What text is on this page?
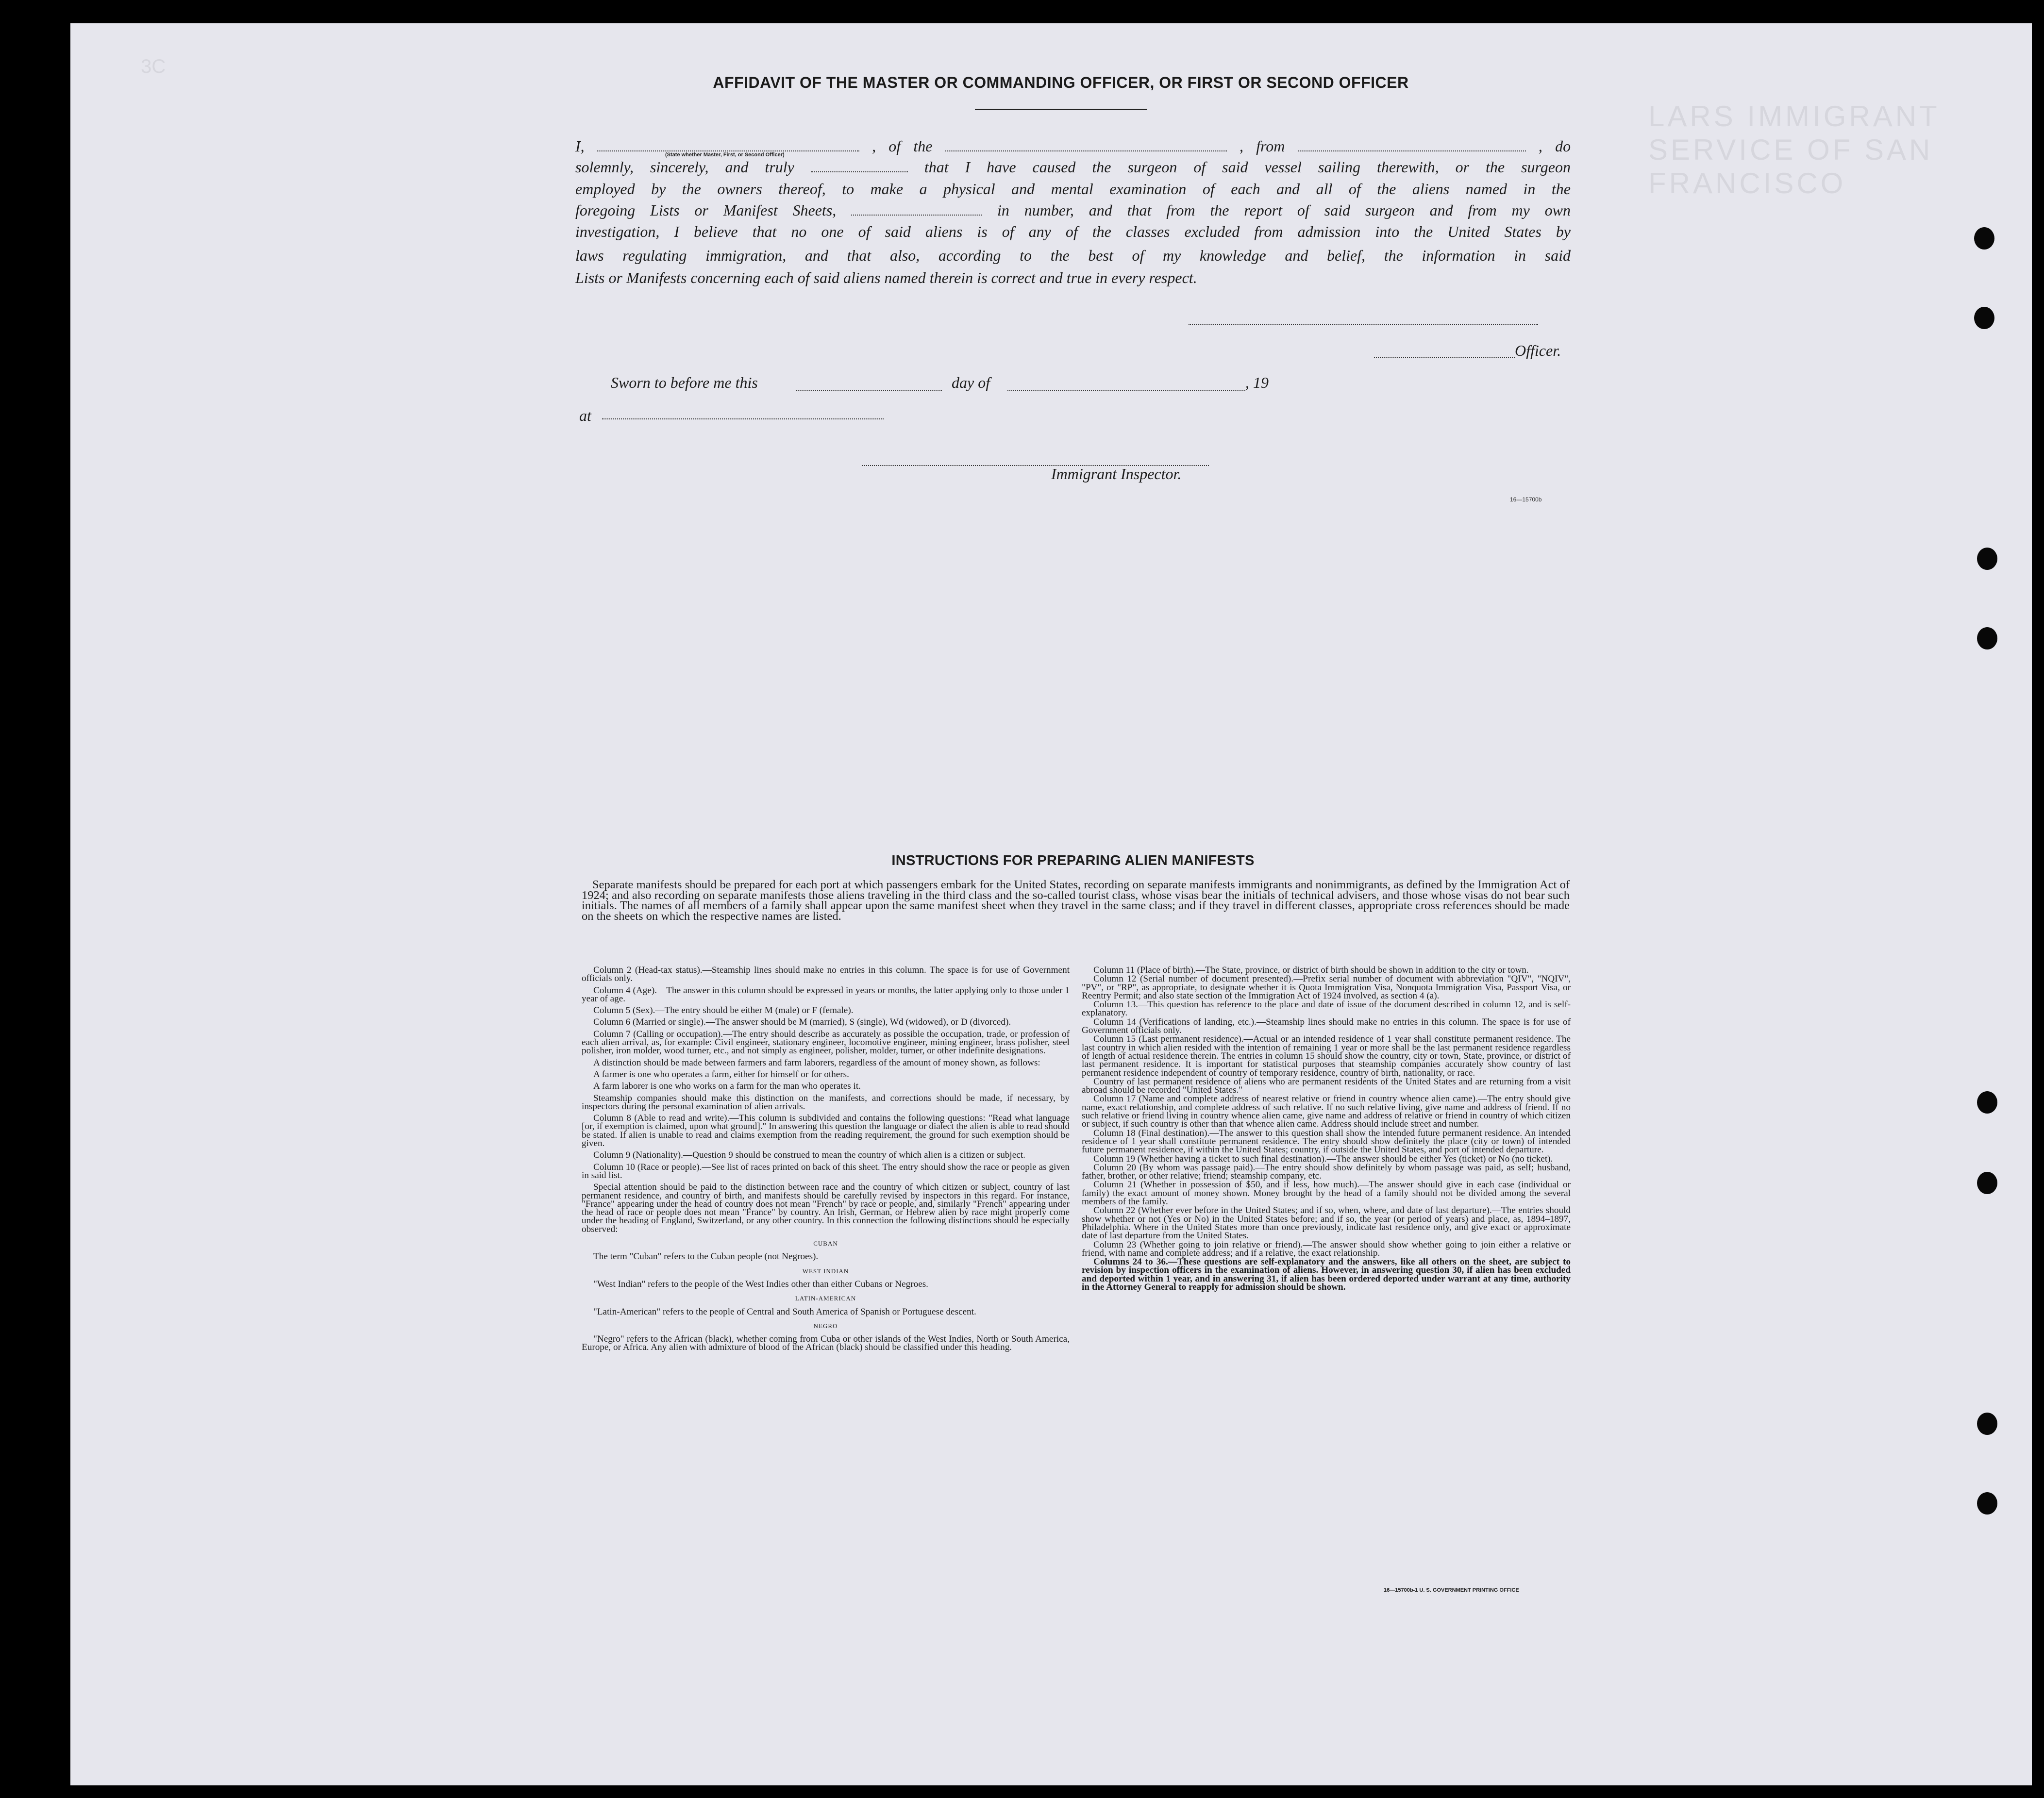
3C
LARS IMMIGRANT SERVICE OF SAN FRANCISCO
AFFIDAVIT OF THE MASTER OR COMMANDING OFFICER, OR FIRST OR SECOND OFFICER
I,	, of the	, from	, do
(State whether Master, First, or Second Officer)
solemnly, sincerely, and truly	that I have caused the surgeon of said vessel sailing therewith, or the surgeon
employed by the owners thereof, to make a physical and mental examination of each and all of the aliens named in the
foregoing Lists or Manifest Sheets,	in number, and that from the report of said surgeon and from my own
investigation, I believe that no one of said aliens is of any of the classes excluded from admission into the United States by
laws regulating immigration, and that also, according to the best of my knowledge and belief, the information in said
Lists or Manifests concerning each of said aliens named therein is correct and true in every respect.
Officer.
Sworn to before me this	day of	, 19
at
Immigrant Inspector.
16—15700b
INSTRUCTIONS FOR PREPARING ALIEN MANIFESTS
Separate manifests should be prepared for each port at which passengers embark for the United States, recording on separate manifests immigrants and nonimmigrants, as defined by the Immigration Act of 1924; and also recording on separate manifests those aliens traveling in the third class and the so-called tourist class, whose visas bear the initials of technical advisers, and those whose visas do not bear such initials. The names of all members of a family shall appear upon the same manifest sheet when they travel in the same class; and if they travel in different classes, appropriate cross references should be made on the sheets on which the respective names are listed.

Column 2 (Head-tax status).—Steamship lines should make no entries in this column. The space is for use of Government officials only.

Column 4 (Age).—The answer in this column should be expressed in years or months, the latter applying only to those under 1 year of age.

Column 5 (Sex).—The entry should be either M (male) or F (female).

Column 6 (Married or single).—The answer should be M (married), S (single), Wd (widowed), or D (divorced).

Column 7 (Calling or occupation).—The entry should describe as accurately as possible the occupation, trade, or profession of each alien arrival, as, for example: Civil engineer, stationary engineer, locomotive engineer, mining engineer, brass polisher, steel polisher, iron molder, wood turner, etc., and not simply as engineer, polisher, molder, turner, or other indefinite designations.

A distinction should be made between farmers and farm laborers, regardless of the amount of money shown, as follows:

A farmer is one who operates a farm, either for himself or for others.

A farm laborer is one who works on a farm for the man who operates it.

Steamship companies should make this distinction on the manifests, and corrections should be made, if necessary, by inspectors during the personal examination of alien arrivals.

Column 8 (Able to read and write).—This column is subdivided and contains the following questions: "Read what language [or, if exemption is claimed, upon what ground]." In answering this question the language or dialect the alien is able to read should be stated. If alien is unable to read and claims exemption from the reading requirement, the ground for such exemption should be given.

Column 9 (Nationality).—Question 9 should be construed to mean the country of which alien is a citizen or subject.

Column 10 (Race or people).—See list of races printed on back of this sheet. The entry should show the race or people as given in said list.

Special attention should be paid to the distinction between race and the country of which citizen or subject, country of last permanent residence, and country of birth, and manifests should be carefully revised by inspectors in this regard. For instance, "France" appearing under the head of country does not mean "French" by race or people, and, similarly "French" appearing under the head of race or people does not mean "France" by country. An Irish, German, or Hebrew alien by race might properly come under the heading of England, Switzerland, or any other country. In this connection the following distinctions should be especially observed:

CUBAN

The term "Cuban" refers to the Cuban people (not Negroes).

WEST INDIAN

"West Indian" refers to the people of the West Indies other than either Cubans or Negroes.

LATIN-AMERICAN

"Latin-American" refers to the people of Central and South America of Spanish or Portuguese descent.

NEGRO

"Negro" refers to the African (black), whether coming from Cuba or other islands of the West Indies, North or South America, Europe, or Africa. Any alien with admixture of blood of the African (black) should be classified under this heading.

Column 11 (Place of birth).—The State, province, or district of birth should be shown in addition to the city or town.

Column 12 (Serial number of document presented).—Prefix serial number of document with abbreviation "QIV", "NQIV", "PV", or "RP", as appropriate, to designate whether it is Quota Immigration Visa, Nonquota Immigration Visa, Passport Visa, or Reentry Permit; and also state section of the Immigration Act of 1924 involved, as section 4 (a).

Column 13.—This question has reference to the place and date of issue of the document described in column 12, and is self-explanatory.

Column 14 (Verifications of landing, etc.).—Steamship lines should make no entries in this column. The space is for use of Government officials only.

Column 15 (Last permanent residence).—Actual or an intended residence of 1 year shall constitute permanent residence. The last country in which alien resided with the intention of remaining 1 year or more shall be the last permanent residence regardless of length of actual residence therein. The entries in column 15 should show the country, city or town, State, province, or district of last permanent residence. It is important for statistical purposes that steamship companies accurately show country of last permanent residence independent of country of temporary residence, country of birth, nationality, or race.

Country of last permanent residence of aliens who are permanent residents of the United States and are returning from a visit abroad should be recorded "United States."

Column 17 (Name and complete address of nearest relative or friend in country whence alien came).—The entry should give name, exact relationship, and complete address of such relative. If no such relative living, give name and address of friend. If no such relative or friend living in country whence alien came, give name and address of relative or friend in country of which citizen or subject, if such country is other than that whence alien came. Address should include street and number.

Column 18 (Final destination).—The answer to this question shall show the intended future permanent residence. An intended residence of 1 year shall constitute permanent residence. The entry should show definitely the place (city or town) of intended future permanent residence, if within the United States; country, if outside the United States, and port of intended departure.

Column 19 (Whether having a ticket to such final destination).—The answer should be either Yes (ticket) or No (no ticket).

Column 20 (By whom was passage paid).—The entry should show definitely by whom passage was paid, as self; husband, father, brother, or other relative; friend; steamship company, etc.

Column 21 (Whether in possession of $50, and if less, how much).—The answer should give in each case (individual or family) the exact amount of money shown. Money brought by the head of a family should not be divided among the several members of the family.

Column 22 (Whether ever before in the United States; and if so, when, where, and date of last departure).—The entries should show whether or not (Yes or No) in the United States before; and if so, the year (or period of years) and place, as, 1894–1897, Philadelphia. Where in the United States more than once previously, indicate last residence only, and give exact or approximate date of last departure from the United States.

Column 23 (Whether going to join relative or friend).—The answer should show whether going to join either a relative or friend, with name and complete address; and if a relative, the exact relationship.

Columns 24 to 36.—These questions are self-explanatory and the answers, like all others on the sheet, are subject to revision by inspection officers in the examination of aliens. However, in answering question 30, if alien has been excluded and deported within 1 year, and in answering 31, if alien has been ordered deported under warrant at any time, authority in the Attorney General to reapply for admission should be shown.

16—15700b-1 U. S. GOVERNMENT PRINTING OFFICE
